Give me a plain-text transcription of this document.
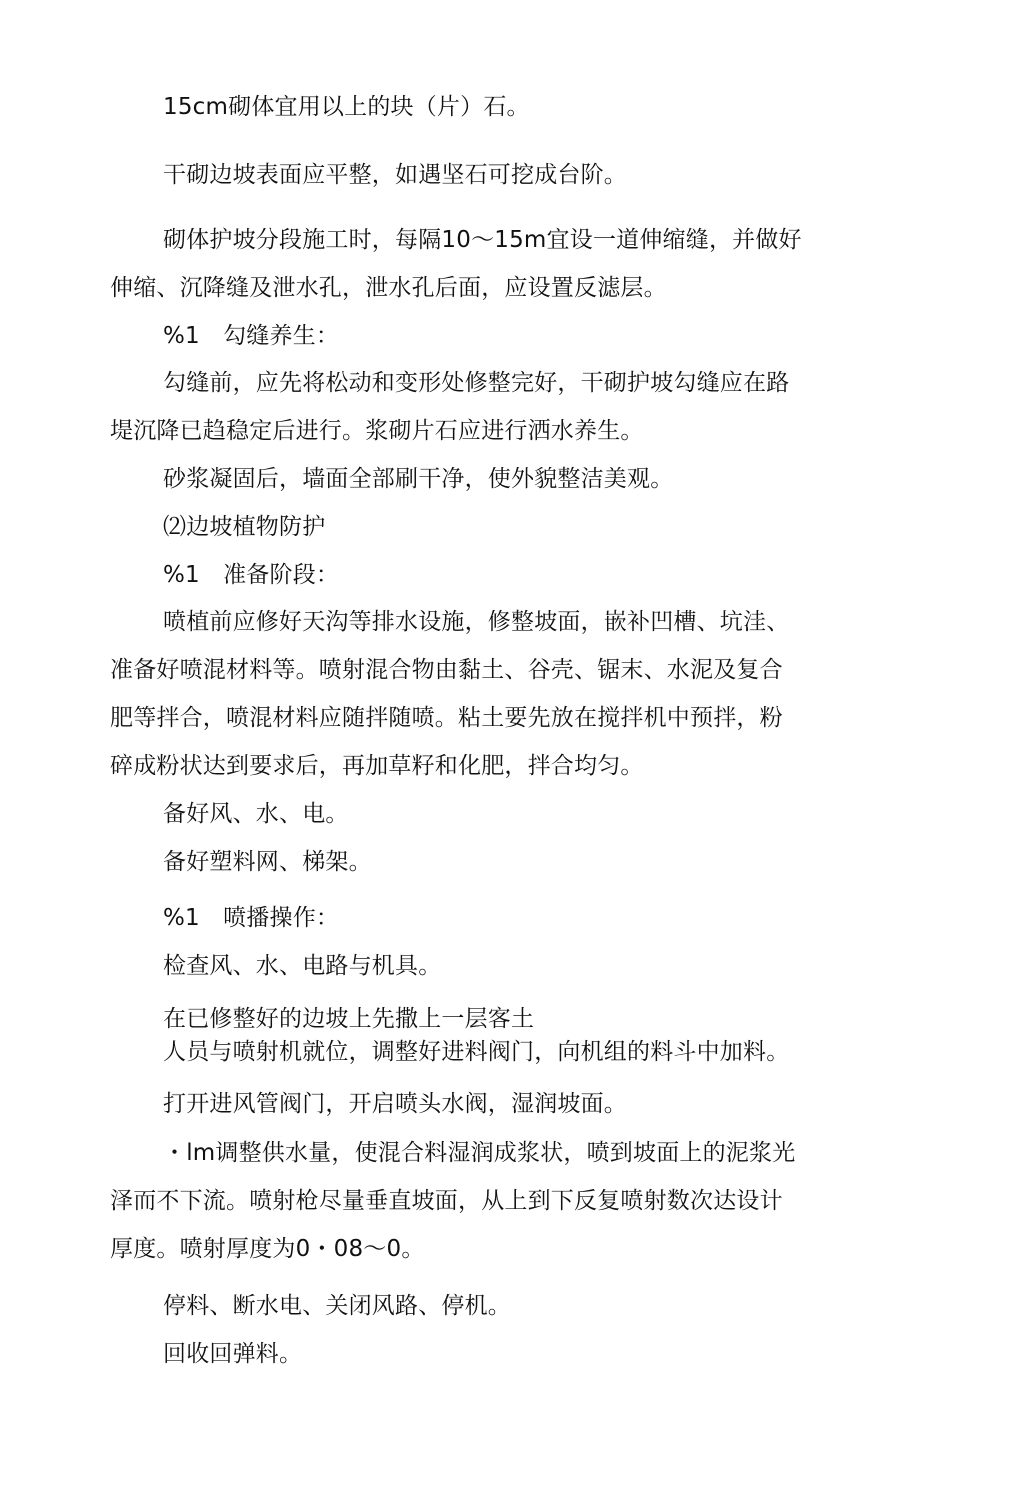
15cm砌体宜用以上的块（片）石。
干砌边坡表面应平整，如遇坚石可挖成台阶。
砌体护坡分段施工时，每隔10～15m宜设一道伸缩缝，并做好
伸缩、沉降缝及泄水孔，泄水孔后面，应设置反滤层。
%1　勾缝养生：
勾缝前，应先将松动和变形处修整完好，干砌护坡勾缝应在路
堤沉降已趋稳定后进行。浆砌片石应进行洒水养生。
砂浆凝固后，墙面全部刷干净，使外貌整洁美观。
⑵边坡植物防护
%1　准备阶段：
喷植前应修好天沟等排水设施，修整坡面，嵌补凹槽、坑洼、
准备好喷混材料等。喷射混合物由黏土、谷壳、锯末、水泥及复合
肥等拌合，喷混材料应随拌随喷。粘土要先放在搅拌机中预拌，粉
碎成粉状达到要求后，再加草籽和化肥，拌合均匀。
备好风、水、电。
备好塑料网、梯架。
%1　喷播操作：
检查风、水、电路与机具。
在已修整好的边坡上先撒上一层客土
人员与喷射机就位，调整好进料阀门，向机组的料斗中加料。
打开进风管阀门，开启喷头水阀，湿润坡面。
・lm调整供水量，使混合料湿润成浆状，喷到坡面上的泥浆光
泽而不下流。喷射枪尽量垂直坡面，从上到下反复喷射数次达设计
厚度。喷射厚度为0・08～0。
停料、断水电、关闭风路、停机。
回收回弹料。
